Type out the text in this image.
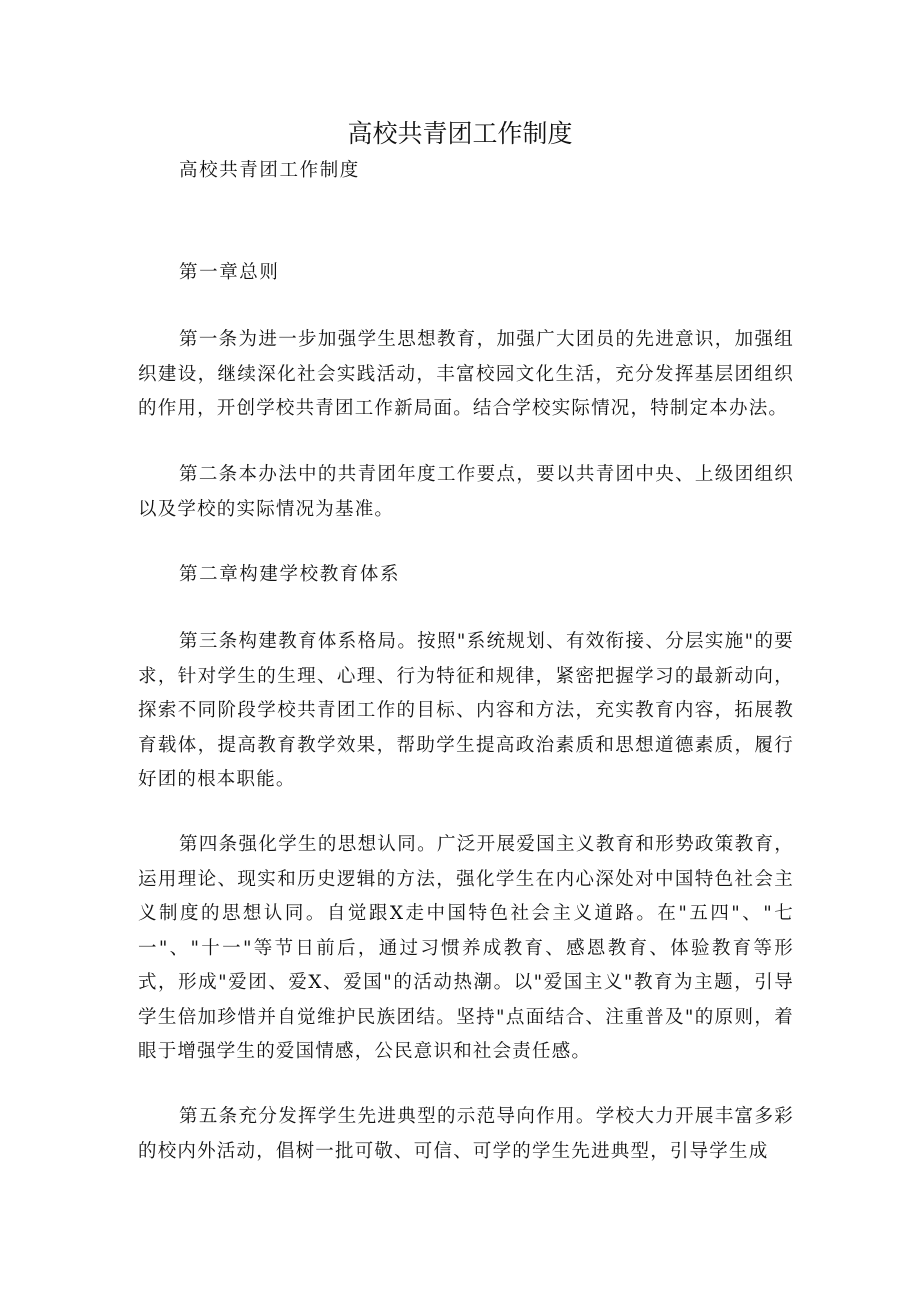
高校共青团工作制度

高校共青团工作制度

第一章总则

第一条为进一步加强学生思想教育，加强广大团员的先进意识，加强组织建设，继续深化社会实践活动，丰富校园文化生活，充分发挥基层团组织的作用，开创学校共青团工作新局面。结合学校实际情况，特制定本办法。

第二条本办法中的共青团年度工作要点，要以共青团中央、上级团组织以及学校的实际情况为基准。

第二章构建学校教育体系

第三条构建教育体系格局。按照"系统规划、有效衔接、分层实施"的要求，针对学生的生理、心理、行为特征和规律，紧密把握学习的最新动向，探索不同阶段学校共青团工作的目标、内容和方法，充实教育内容，拓展教育载体，提高教育教学效果，帮助学生提高政治素质和思想道德素质，履行好团的根本职能。

第四条强化学生的思想认同。广泛开展爱国主义教育和形势政策教育，运用理论、现实和历史逻辑的方法，强化学生在内心深处对中国特色社会主义制度的思想认同。自觉跟X走中国特色社会主义道路。在"五四"、"七一"、"十一"等节日前后，通过习惯养成教育、感恩教育、体验教育等形式，形成"爱团、爱X、爱国"的活动热潮。以"爱国主义"教育为主题，引导学生倍加珍惜并自觉维护民族团结。坚持"点面结合、注重普及"的原则，着眼于增强学生的爱国情感，公民意识和社会责任感。

第五条充分发挥学生先进典型的示范导向作用。学校大力开展丰富多彩的校内外活动，倡树一批可敬、可信、可学的学生先进典型，引导学生成
